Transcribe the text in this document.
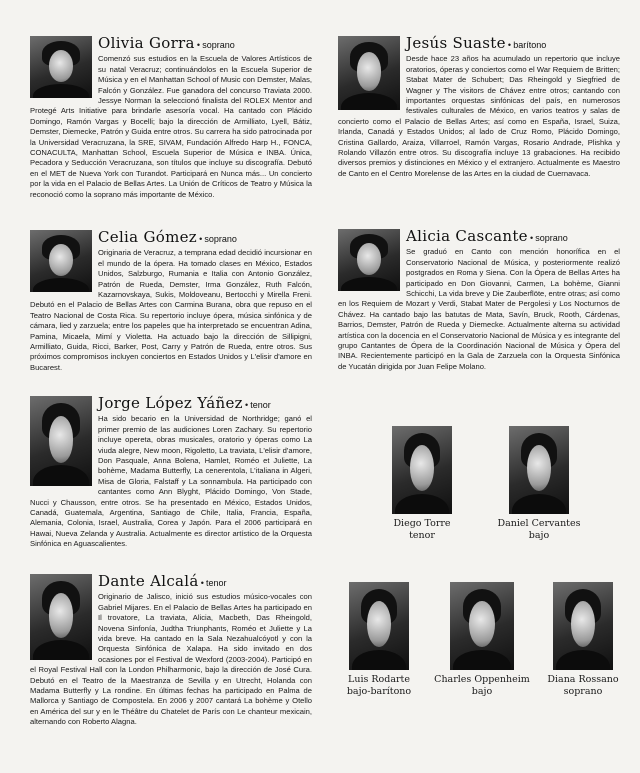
Olivia Gorra • soprano

Comenzó sus estudios en la Escuela de Valores Artísticos de su natal Veracruz; continuándolos en la Escuela Superior de Música y en el Manhattan School of Music con Demster, Malas, Falcón y González. Fue ganadora del concurso Traviata 2000. Jessye Norman la seleccionó finalista del ROLEX Mentor and Protegé Arts Initiative para brindarle asesoría vocal. Ha cantado con Plácido Domingo, Ramón Vargas y Bocelli; bajo la dirección de Armilliato, Lyell, Bátiz, Demster, Diemecke, Patrón y Guida entre otros. Su carrera ha sido patrocinada por la Universidad Veracruzana, la SRE, SIVAM, Fundación Alfredo Harp H., FONCA, CONACULTA, Manhattan School, Escuela Superior de Música e INBA. Única, Pecadora y Seducción Veracruzana, son títulos que incluye su discografía. Debutó en el MET de Nueva York con Turandot. Participará en Nunca más... Un concierto por la vida en el Palacio de Bellas Artes. La Unión de Críticos de Teatro y Música la reconoció como la soprano más importante de México.

Jesús Suaste • barítono

Desde hace 23 años ha acumulado un repertorio que incluye oratorios, óperas y conciertos como el War Requiem de Britten; Stabat Mater de Schubert; Das Rheingold y Siegfried de Wagner y The visitors de Chávez entre otros; cantando con importantes orquestas sinfónicas del país, en numerosos festivales culturales de México, en varios teatros y salas de concierto como el Palacio de Bellas Artes; así como en España, Israel, Suiza, Irlanda, Canadá y Estados Unidos; al lado de Cruz Romo, Plácido Domingo, Cristina Gallardo, Araiza, Villarroel, Ramón Vargas, Rosario Andrade, Plishka y Rolando Villazón entre otros. Su discografía incluye 13 grabaciones. Ha recibido diversos premios y distinciones en México y el extranjero. Actualmente es Maestro de Canto en el Centro Morelense de las Artes en la ciudad de Cuernavaca.

Celia Gómez • soprano

Originaria de Veracruz, a temprana edad decidió incursionar en el mundo de la ópera. Ha tomado clases en México, Estados Unidos, Salzburgo, Rumania e Italia con Antonio González, Patrón de Rueda, Demster, Irma González, Ruth Falcón, Kazarnovskaya, Sukis, Moldoveanu, Bertocchi y Mirella Freni. Debutó en el Palacio de Bellas Artes con Carmina Burana, obra que repuso en el Teatro Nacional de Costa Rica. Su repertorio incluye ópera, música sinfónica y de cámara, lied y zarzuela; entre los papeles que ha interpretado se encuentran Adina, Pamina, Micaela, Mimí y Violetta. Ha actuado bajo la dirección de Sillipigni, Armilliato, Guida, Ricci, Barker, Post, Carry y Patrón de Rueda, entre otros. Sus próximos compromisos incluyen conciertos en Estados Unidos y L'elisir d'amore en Bucarest.

Alicia Cascante • soprano

Se graduó en Canto con mención honorífica en el Conservatorio Nacional de Música, y posteriormente realizó postgrados en Roma y Siena. Con la Ópera de Bellas Artes ha participado en Don Giovanni, Carmen, La bohème, Gianni Schicchi, La vida breve y Die Zauberflöte, entre otras; así como en los Requiem de Mozart y Verdi, Stabat Mater de Pergolesi y Los Nocturnos de Chávez. Ha cantado bajo las batutas de Mata, Savín, Bruck, Rooth, Cárdenas, Barrios, Demster, Patrón de Rueda y Diemecke. Actualmente alterna su actividad artística con la docencia en el Conservatorio Nacional de Música y es integrante del grupo Cantantes de Ópera de la Coordinación Nacional de Música y Ópera del INBA. Recientemente participó en la Gala de Zarzuela con la Orquesta Sinfónica de Yucatán dirigida por Juan Felipe Molano.

Jorge López Yáñez • tenor

Ha sido becario en la Universidad de Northridge; ganó el primer premio de las audiciones Loren Zachary. Su repertorio incluye opereta, obras musicales, oratorio y óperas como La viuda alegre, New moon, Rigoletto, La traviata, L'elisir d'amore, Don Pasquale, Anna Bolena, Hamlet, Roméo et Juliette, La bohème, Madama Butterfly, La cenerentola, L'italiana in Algeri, Misa de Gloria, Falstaff y La sonnambula. Ha participado con cantantes como Ann Blyght, Plácido Domingo, Von Stade, Nucci y Chausson, entre otros. Se ha presentado en México, Estados Unidos, Canadá, Guatemala, Argentina, Santiago de Chile, Italia, Francia, España, Alemania, Colonia, Israel, Australia, Corea y Japón. Para el 2006 participará en Hawai, Nueva Zelanda y Australia. Actualmente es director artístico de la Orquesta Sinfónica en Aguascalientes.

Dante Alcalá • tenor

Originario de Jalisco, inició sus estudios músico-vocales con Gabriel Mijares. En el Palacio de Bellas Artes ha participado en Il trovatore, La traviata, Alicia, Macbeth, Das Rheingold, Novena Sinfonía, Judtha Triunphants, Roméo et Juliette y La vida breve. Ha cantado en la Sala Nezahualcóyotl y con la Orquesta Sinfónica de Xalapa. Ha sido invitado en dos ocasiones por el Festival de Wexford (2003-2004). Participó en el Royal Festival Hall con la London Philharmonic, bajo la dirección de José Cura. Debutó en el Teatro de la Maestranza de Sevilla y en Utrecht, Holanda con Madama Butterfly y La rondine. En últimas fechas ha participado en Palma de Mallorca y Santiago de Compostela. En 2006 y 2007 cantará La bohème y Otello en América del sur y en le Théâtre du Chatelet de París con Le chanteur mexicain, alternando con Roberto Alagna.

Diego Torre
tenor
Daniel Cervantes
bajo
Luis Rodarte
bajo-barítono
Charles Oppenheim
bajo
Diana Rossano
soprano
